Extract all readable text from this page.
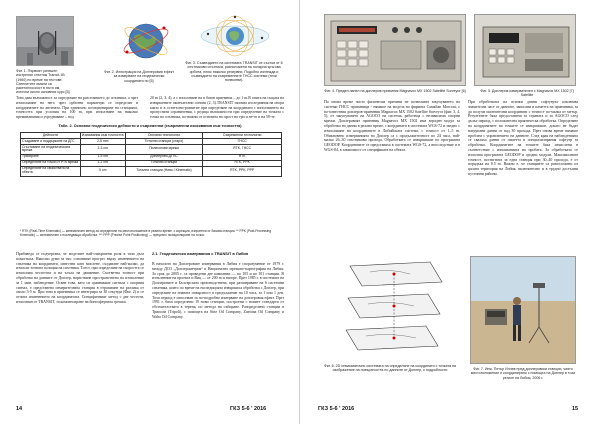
Фиг. 1. Първият успешен изстрелян спътник Transit-1B (1960) по време на тестове. Сателитите имали са ракетоплоскост в пътя им, източни около основния курс [5].
Фиг. 2. Илюстрация на Доплеровия ефект за измерване на геодезически координати по [5]
Фиг. 3. Съзвездието на системата TRANSIT се състои от 6 спътникови спътника, разположени на полярна кръгова орбита, плюс няколко резервни. Подобно изглежда и съзвездието на съвременните ГНСС системи (тези полюсеви).
Това дава възможност за определяне на разстоянието до спътника, а чрез изчисляване на него чрез орбитни параметри се определят и координатите на антената. При единично позициониране на станцията, точността при условия на 100 m, при използване на няколко преминавания и усредняване – под
20 m (2, 3, 4), а с използване на в базов приемник – до 1 m.В опита на същата на извършените окончателни основи (2, 3).TRANSIT започва изследвания на опора както и в остатъчно-развитие при определяне на координати с използването на пропуснати ограничения, с редица възможности при определение на точката с точка на спътника, по-важни от основата на прост на три и не-го и на 50-те.
Табл. 2. Основни геодезически дейности и съвременни (съвременни изисквания към точността)
Дейности	Изисквания към точността	Основни технологии	Съвременни технологии
Създаване и поддържане на ДГС	2-5 mm	Тотални станции (старо)	ГНСС
Сгъстяване на геодезическата мрежа	2-3 cm	Полигонови мрежи	RTK, ГНСС
Трасиране	1-5 cm	Доплерово-ДГПС	RTK
Определяне на точки от РТК мрежа	1-2 cm	Тотални станции	RTK, PPK
Определяне на свойствата на обекта	5 cm	Тотални станции (Ниво / Kinematic)	RTK, PPK, PPP
* RTK (Real-Time Kinematic) — кинематичен метод за определяне на местоположение в реално време, с корекции, изпратени от базова станция. ** PPK (Post-Processing Kinematic) — кинематичен с последваща обработка. *** PPP (Precise Point Positioning) — прецизно позициониране на точка.
Прибаведа се подчертава, че моделите най-съвършени роля в тази дъга помогнаха. Няколко думи за тях: основният прогрес върху изменението на спътника на координати, известни като мислене, създаване най-малко, да изчисли точната позиция на спътника. Тоест, при определяне на скоростта се изчислява честотата и на ъгъла на движение. Съответна точност при обработка на данните от Доплер, нарастване пространствено на изчисление за 1 мин. наблюдение. Освен това, като си сравняваме сигнала с опорния сигнал, е представена измерителната станция в отразяване на разлика от около 3-5 м. При това в приемника се интегрира за 30 секунди (Фиг. 2) и се отчита изменението на координатата. Специфичният метод с две честоти, използван от TRANSIT, за компенсиране на йоносферната грешка.
2.1. Геодезически измервания с TRANSIT в Либия
В началото на Доплеровите измервания в Либия е споразумение от 1979 г. между ДСО „Доплерометрия“ и Национално мрежово-картография на Либия. За срок до 2005 г. са проведени две кампании — по 105 и по 101 станции. В изпълнение на проекта и Виц — от 200 m и нагоре. През 1985 г. в системата на Доплеровите и Българската производствена, при разширяване на 6 системни спътника, които по време на експедицията извършиха обработка с Доплер, при определяне на земната повърхност в продължение на 10 часа, за 1 или 1 ден. Този период е използван за по-подробно измерване на доплеровия ефект. През 1991 г. бяха определени 19 нови станции, построени с новите стандарти от обстоятелствата в терена, по метода на събиране. Разпределени станции в Триполи (Tripoli), с помощта на Sirte Oil Company, Zueitina Oil Company и Waha Oil Company.
14	ГКЗ 5-6 ' 2016
Фиг. 4. Преден панел на доплеров приемник Magnavox MX 1502 Satellite Surveyor [6]	Фиг. 5. Доплеров измервателен с Magnavox MX 1502 [7] Satellite
По онова време чисто физически причини не позволяват закупуването на системи ГНСС приемници - нямаше на модела на фирмата Canadian Marconi, с по-известния доплеров-приемник Magnavox MX 1502 Satellite Surveyor (фиг. 3, 4, 5), от закупуването на AGOCO на система, работеща с независими опорни мрежи. Доплеровият приемник Magnavox MX 1502 има вграден модул за обработка на данни в реално време, с координати в системата WGS-72 и заедно с изчисляване на координатите в Либийската система, с точност от 1–5 m. Обикновено измерванията на Доплер са с продължителност по 24 часа, най-малко 26–30 спътникови прохода. Обработката се извършваше по програмата GEODOP. Координатите се представяха в системата WGS-72, а впоследствие и в WGS-84, в зависимост от спецификата на обекта.
При обработката на всички данни софтуерът изключва значителна част от данните, записани в паметта на приемника, за да получи окончателни координати с точност по-малка от метър. Резултатите бяха предоставени за страната и за AGOCO след дълъг период, с положителна практическа обработка. Определяне на координатите на точките се извършваше, докато не бъдат натрупани данни от над 30 прохода. През онова време нямаше проблем с управлението на данните. След края на наблюденията се сваляха данни от паметта в специализирания софтуер за обработка. Координатите на точките бяха изчислени в съответствие с изискванията на пробата. За обработката се използва програмата GEODOP и сродни модули. Максималната точност, постигната за една станция при 30–40 прохода, е от порядъка на 0.5 m. Важно е, че станциите са разположени из цялата територия на Либия, включително и в трудно достъпни пустинни райони.
Фиг. 6. 2D семаоматични системата на определяне на координати с точката на изображение на повърхността по данните от Доплер, с подробности	Фиг. 7. Инж. Петър Илчев пред доплеровски станции, чиято местоположение е координирано с помощта на Доплер в този регион на Либия, 2006 г.
ГКЗ 5-6 ' 2016	15
